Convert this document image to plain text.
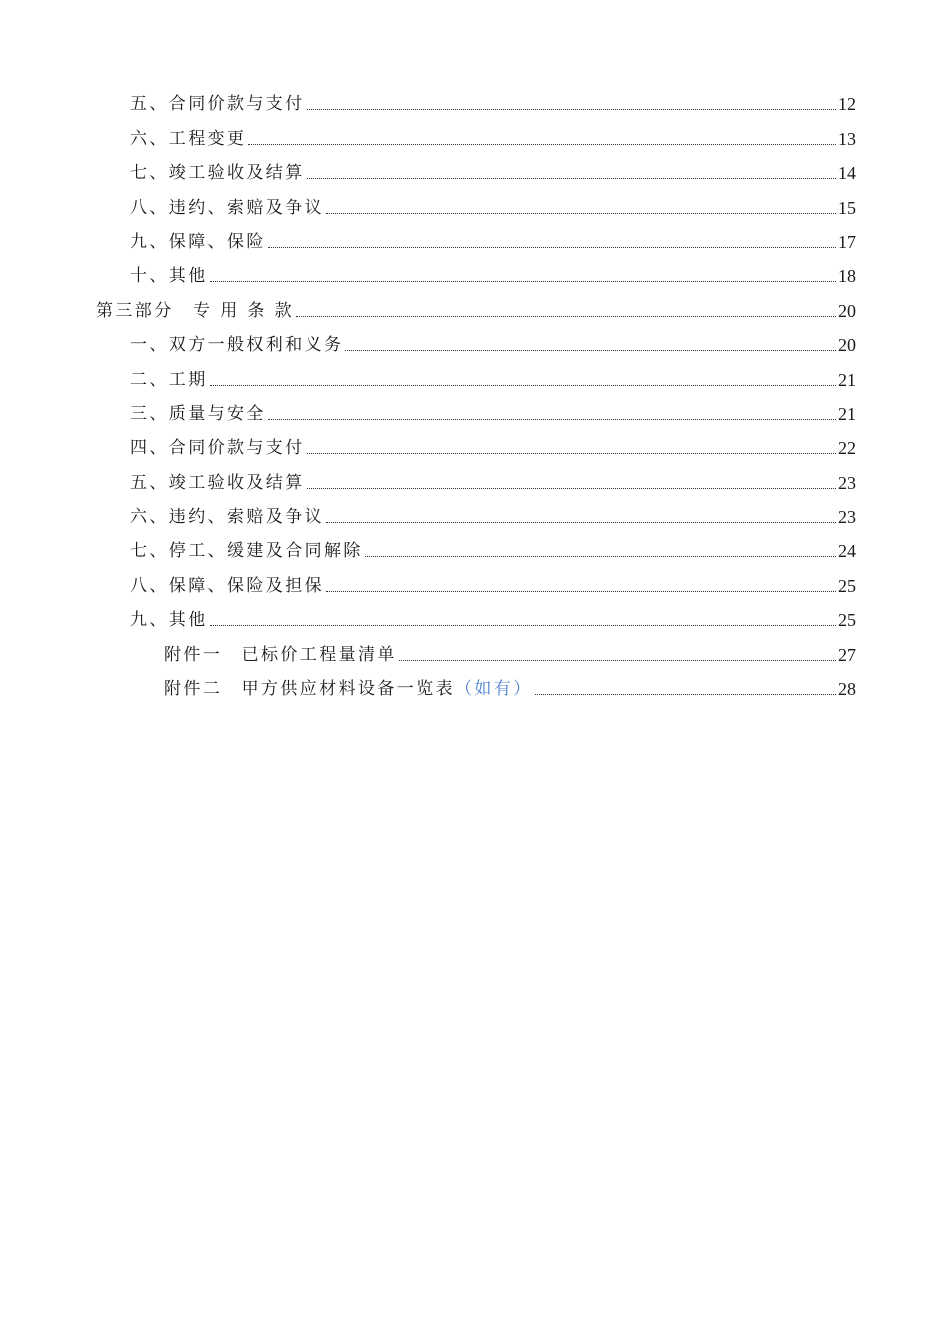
五、合同价款与支付	12
六、工程变更	13
七、竣工验收及结算	14
八、违约、索赔及争议	15
九、保障、保险	17
十、其他	18
第三部分　专 用 条 款	20
一、双方一般权利和义务	20
二、工期	21
三、质量与安全	21
四、合同价款与支付	22
五、竣工验收及结算	23
六、违约、索赔及争议	23
七、停工、缓建及合同解除	24
八、保障、保险及担保	25
九、其他	25
附件一　已标价工程量清单	27
附件二　甲方供应材料设备一览表（如有）	28
